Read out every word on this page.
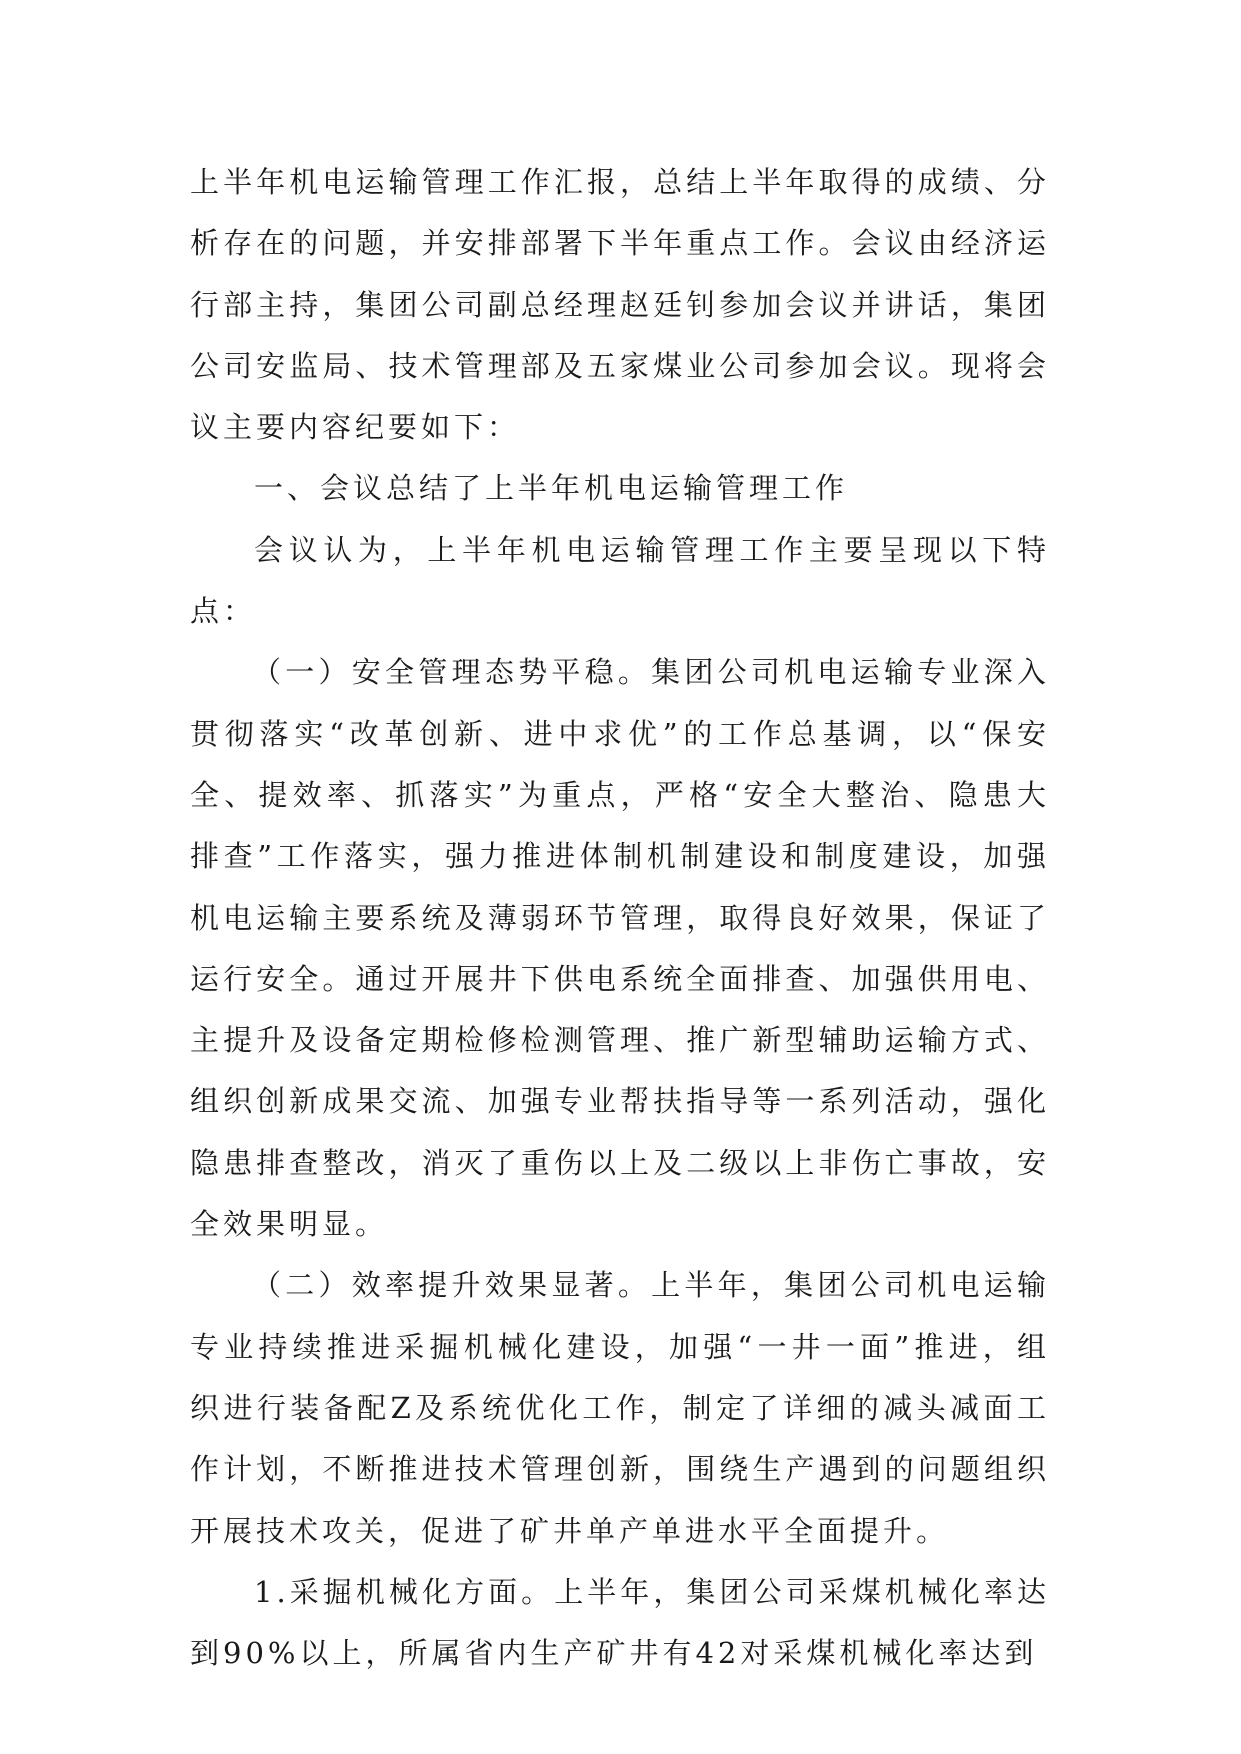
上半年机电运输管理工作汇报，总结上半年取得的成绩、分析存在的问题，并安排部署下半年重点工作。会议由经济运行部主持，集团公司副总经理赵廷钊参加会议并讲话，集团公司安监局、技术管理部及五家煤业公司参加会议。现将会议主要内容纪要如下：

一、会议总结了上半年机电运输管理工作

会议认为，上半年机电运输管理工作主要呈现以下特点：

（一）安全管理态势平稳。集团公司机电运输专业深入贯彻落实“改革创新、进中求优”的工作总基调，以“保安全、提效率、抓落实”为重点，严格“安全大整治、隐患大排查”工作落实，强力推进体制机制建设和制度建设，加强机电运输主要系统及薄弱环节管理，取得良好效果，保证了运行安全。通过开展井下供电系统全面排查、加强供用电、主提升及设备定期检修检测管理、推广新型辅助运输方式、组织创新成果交流、加强专业帮扶指导等一系列活动，强化隐患排查整改，消灭了重伤以上及二级以上非伤亡事故，安全效果明显。

（二）效率提升效果显著。上半年，集团公司机电运输专业持续推进采掘机械化建设，加强“一井一面”推进，组织进行装备配Z及系统优化工作，制定了详细的减头减面工作计划，不断推进技术管理创新，围绕生产遇到的问题组织开展技术攻关，促进了矿井单产单进水平全面提升。

1.采掘机械化方面。上半年，集团公司采煤机械化率达到90%以上，所属省内生产矿井有42对采煤机械化率达到
